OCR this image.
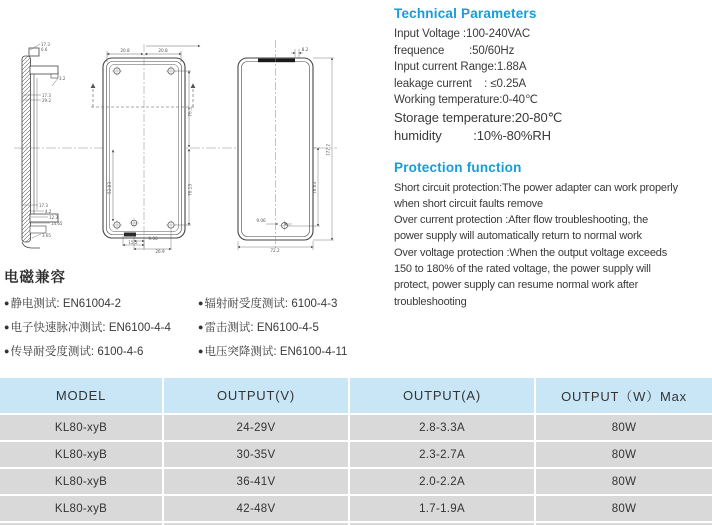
17.3
6.6
3.2
17.3
29.2
17.3
4.2
12.3
14.65
3.65
20.8	20.8
76.3
76.13
52.03
9.06
15.2
26.9
8.2
172.2
76.63
9.06
72.2
Technical Parameters
Input Voltage :100-240VAC
frequence        :50/60Hz
Input current Range:1.88A
leakage current    : ≤0.25A
Working temperature:0-40℃
Storage temperature:20-80℃
humidity         :10%-80%RH
Protection function
Short circuit protection:The power adapter can work properly
when short circuit faults remove
Over current protection :After flow troubleshooting, the
power supply will automatically return to normal work
Over voltage protection :When the output voltage exceeds
150 to 180% of the rated voltage, the power supply will
protect, power supply can resume normal work after
troubleshooting
电磁兼容
●静电测试: EN61004-2	●辐射耐受度测试: 6100-4-3
●电子快速脉冲测试: EN6100-4-4	●雷击测试: EN6100-4-5
●传导耐受度测试: 6100-4-6	●电压突降测试: EN6100-4-11
MODEL	OUTPUT(V)	OUTPUT(A)	OUTPUT（W）Max
KL80-xyB	24-29V	2.8-3.3A	80W
KL80-xyB	30-35V	2.3-2.7A	80W
KL80-xyB	36-41V	2.0-2.2A	80W
KL80-xyB	42-48V	1.7-1.9A	80W
